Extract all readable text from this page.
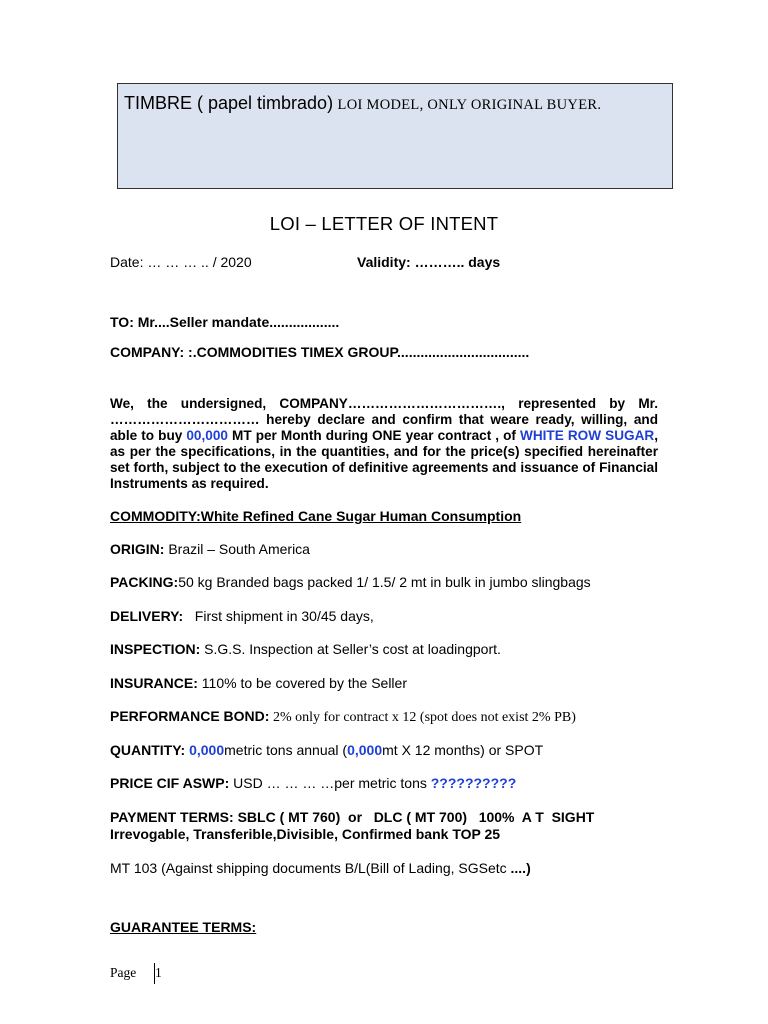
TIMBRE ( papel timbrado) LOI MODEL, ONLY ORIGINAL BUYER.
LOI – LETTER OF INTENT
Date: … … … .. / 2020	Validity: ……….. days
TO: Mr....Seller mandate..................
COMPANY: :.COMMODITIES TIMEX GROUP..................................
We, the undersigned, COMPANY……………………………., represented by Mr. …………………………… hereby declare and confirm that weare ready, willing, and able to buy 00,000 MT per Month during ONE year contract , of WHITE ROW SUGAR, as per the specifications, in the quantities, and for the price(s) specified hereinafter set forth, subject to the execution of definitive agreements and issuance of Financial Instruments as required.
COMMODITY:White Refined Cane Sugar Human Consumption
ORIGIN: Brazil – South America
PACKING:50 kg Branded bags packed 1/ 1.5/ 2 mt in bulk in jumbo slingbags
DELIVERY:   First shipment in 30/45 days,
INSPECTION: S.G.S. Inspection at Seller’s cost at loadingport.
INSURANCE: 110% to be covered by the Seller
PERFORMANCE BOND: 2% only for contract x 12 (spot does not exist 2% PB)
QUANTITY: 0,000metric tons annual (0,000mt X 12 months) or SPOT
PRICE CIF ASWP: USD … … … …per metric tons ??????????
PAYMENT TERMS: SBLC ( MT 760)  or   DLC ( MT 700)   100%  A T  SIGHT
Irrevogable, Transferible,Divisible, Confirmed bank TOP 25
MT 103 (Against shipping documents B/L(Bill of Lading, SGSetc ....)
GUARANTEE TERMS:
Page 1
